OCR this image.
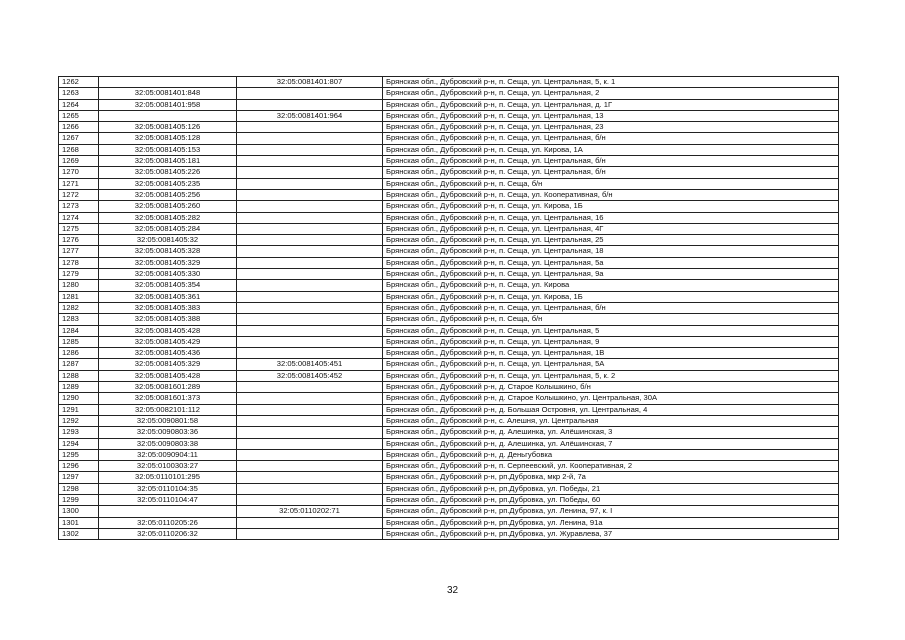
1262		32:05:0081401:807	Брянская обл., Дубровский р-н, п. Сеща, ул. Центральная, 5, к. 1
1263	32:05:0081401:848		Брянская обл., Дубровский р-н, п. Сеща, ул. Центральная, 2
1264	32:05:0081401:958		Брянская обл., Дубровский р-н, п. Сеща, ул. Центральная, д. 1Г
1265		32:05:0081401:964	Брянская обл., Дубровский р-н, п. Сеща, ул. Центральная, 13
1266	32:05:0081405:126		Брянская обл., Дубровский р-н, п. Сеща, ул. Центральная, 23
1267	32:05:0081405:128		Брянская обл., Дубровский р-н, п. Сеща, ул. Центральная, б/н
1268	32:05:0081405:153		Брянская обл., Дубровский р-н, п. Сеща, ул. Кирова, 1А
1269	32:05:0081405:181		Брянская обл., Дубровский р-н, п. Сеща, ул. Центральная, б/н
1270	32:05:0081405:226		Брянская обл., Дубровский р-н, п. Сеща, ул. Центральная, б/н
1271	32:05:0081405:235		Брянская обл., Дубровский р-н, п. Сеща, б/н
1272	32:05:0081405:256		Брянская обл., Дубровский р-н, п. Сеща, ул. Кооперативная, б/н
1273	32:05:0081405:260		Брянская обл., Дубровский р-н, п. Сеща, ул. Кирова, 1Б
1274	32:05:0081405:282		Брянская обл., Дубровский р-н, п. Сеща, ул. Центральная, 16
1275	32:05:0081405:284		Брянская обл., Дубровский р-н, п. Сеща, ул. Центральная, 4Г
1276	32:05:0081405:32		Брянская обл., Дубровский р-н, п. Сеща, ул. Центральная, 25
1277	32:05:0081405:328		Брянская обл., Дубровский р-н, п. Сеща, ул. Центральная, 18
1278	32:05:0081405:329		Брянская обл., Дубровский р-н, п. Сеща, ул. Центральная, 5а
1279	32:05:0081405:330		Брянская обл., Дубровский р-н, п. Сеща, ул. Центральная, 9а
1280	32:05:0081405:354		Брянская обл., Дубровский р-н, п. Сеща, ул. Кирова
1281	32:05:0081405:361		Брянская обл., Дубровский р-н, п. Сеща, ул. Кирова, 1Б
1282	32:05:0081405:383		Брянская обл., Дубровский р-н, п. Сеща, ул. Центральная, б/н
1283	32:05:0081405:388		Брянская обл., Дубровский р-н, п. Сеща, б/н
1284	32:05:0081405:428		Брянская обл., Дубровский р-н, п. Сеща, ул. Центральная, 5
1285	32:05:0081405:429		Брянская обл., Дубровский р-н, п. Сеща, ул. Центральная, 9
1286	32:05:0081405:436		Брянская обл., Дубровский р-н, п. Сеща, ул. Центральная, 1В
1287	32:05:0081405:329	32:05:0081405:451	Брянская обл., Дубровский р-н, п. Сеща, ул. Центральная, 5А
1288	32:05:0081405:428	32:05:0081405:452	Брянская обл., Дубровский р-н, п. Сеща, ул. Центральная, 5, к. 2
1289	32:05:0081601:289		Брянская обл., Дубровский р-н, д. Старое Колышкино, б/н
1290	32:05:0081601:373		Брянская обл., Дубровский р-н, д. Старое Колышкино, ул. Центральная, 30А
1291	32:05:0082101:112		Брянская обл., Дубровский р-н, д. Большая Островня, ул. Центральная, 4
1292	32:05:0090801:58		Брянская обл., Дубровский р-н, с. Алешня, ул. Центральная
1293	32:05:0090803:36		Брянская обл., Дубровский р-н, д. Алешинка, ул. Алёшинская, 3
1294	32:05:0090803:38		Брянская обл., Дубровский р-н, д. Алешинка, ул. Алёшинская, 7
1295	32:05:0090904:11		Брянская обл., Дубровский р-н, д. Деньгубовка
1296	32:05:0100303:27		Брянская обл., Дубровский р-н, п. Серпеевский, ул. Кооперативная, 2
1297	32:05:0110101:295		Брянская обл., Дубровский р-н, рп.Дубровка, мкр 2-й, 7а
1298	32:05:0110104:35		Брянская обл., Дубровский р-н, рп.Дубровка, ул. Победы, 21
1299	32:05:0110104:47		Брянская обл., Дубровский р-н, рп.Дубровка, ул. Победы, 60
1300		32:05:0110202:71	Брянская обл., Дубровский р-н, рп.Дубровка, ул. Ленина, 97, к. I
1301	32:05:0110205:26		Брянская обл., Дубровский р-н, рп.Дубровка, ул. Ленина, 91а
1302	32:05:0110206:32		Брянская обл., Дубровский р-н, рп.Дубровка, ул. Журавлева, 37
32
